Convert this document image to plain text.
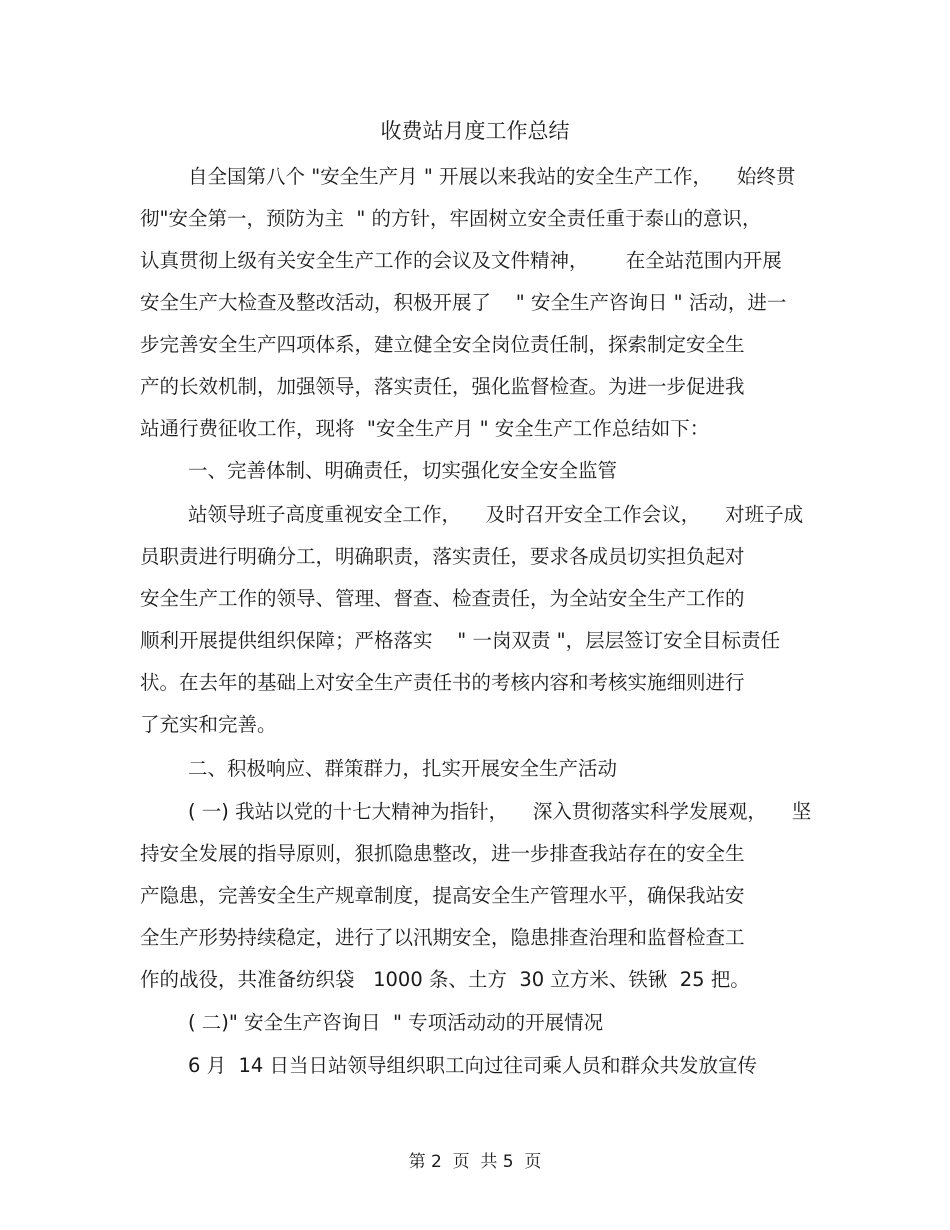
收费站月度工作总结
自全国第八个 "安全生产月 " 开展以来我站的安全生产工作，    始终贯
彻"安全第一，预防为主  " 的方针，牢固树立安全责任重于泰山的意识，
认真贯彻上级有关安全生产工作的会议及文件精神，      在全站范围内开展
安全生产大检查及整改活动，积极开展了    " 安全生产咨询日 " 活动，进一
步完善安全生产四项体系，建立健全安全岗位责任制，探索制定安全生
产的长效机制，加强领导，落实责任，强化监督检查。为进一步促进我
站通行费征收工作，现将  "安全生产月 " 安全生产工作总结如下：
一、完善体制、明确责任，切实强化安全安全监管
站领导班子高度重视安全工作，    及时召开安全工作会议，    对班子成
员职责进行明确分工，明确职责，落实责任，要求各成员切实担负起对
安全生产工作的领导、管理、督查、检查责任，为全站安全生产工作的
顺利开展提供组织保障；严格落实    " 一岗双责 "，层层签订安全目标责任
状。在去年的基础上对安全生产责任书的考核内容和考核实施细则进行
了充实和完善。
二、积极响应、群策群力，扎实开展安全生产活动
( 一) 我站以党的十七大精神为指针，    深入贯彻落实科学发展观，    坚
持安全发展的指导原则，狠抓隐患整改，进一步排查我站存在的安全生
产隐患，完善安全生产规章制度，提高安全生产管理水平，确保我站安
全生产形势持续稳定，进行了以汛期安全，隐患排查治理和监督检查工
作的战役，共准备纺织袋   1000 条、土方  30 立方米、铁锹  25 把。
( 二)" 安全生产咨询日  " 专项活动动的开展情况
6 月  14 日当日站领导组织职工向过往司乘人员和群众共发放宣传
第 2  页  共 5  页
